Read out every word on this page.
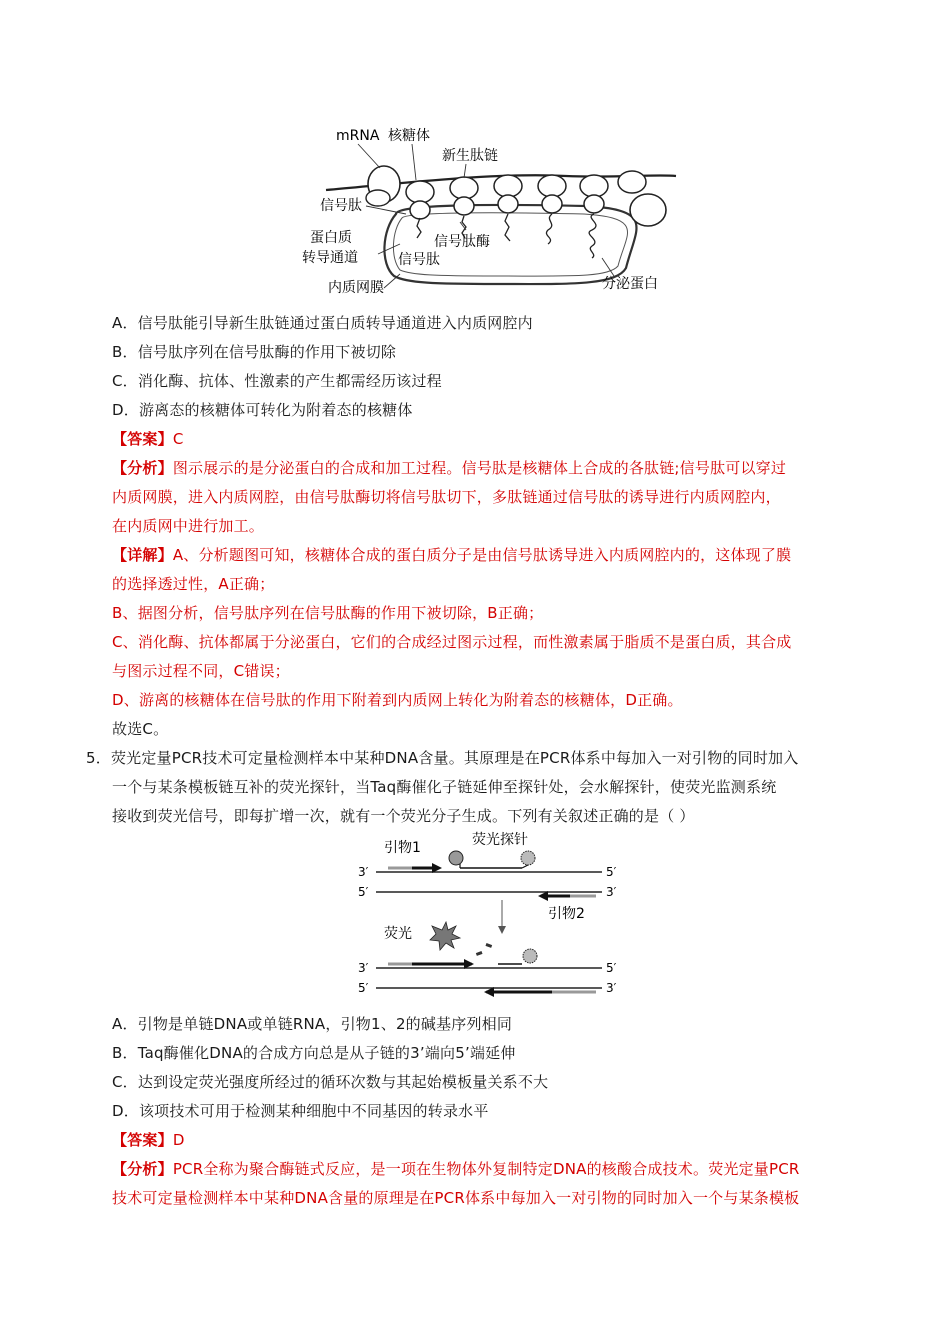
mRNA 核糖体
新生肽链
信号肽
蛋白质
转导通道
信号肽酶
信号肽
内质网膜	分泌蛋白
A．信号肽能引导新生肽链通过蛋白质转导通道进入内质网腔内
B．信号肽序列在信号肽酶的作用下被切除
C．消化酶、抗体、性激素的产生都需经历该过程
D．游离态的核糖体可转化为附着态的核糖体
【答案】C
【分析】图示展示的是分泌蛋白的合成和加工过程。信号肽是核糖体上合成的各肽链;信号肽可以穿过
内质网膜，进入内质网腔，由信号肽酶切将信号肽切下，多肽链通过信号肽的诱导进行内质网腔内，
在内质网中进行加工。
【详解】A、分析题图可知，核糖体合成的蛋白质分子是由信号肽诱导进入内质网腔内的，这体现了膜
的选择透过性，A正确；
B、据图分析，信号肽序列在信号肽酶的作用下被切除，B正确；
C、消化酶、抗体都属于分泌蛋白，它们的合成经过图示过程，而性激素属于脂质不是蛋白质，其合成
与图示过程不同，C错误；
D、游离的核糖体在信号肽的作用下附着到内质网上转化为附着态的核糖体，D正确。
故选C。
5．荧光定量PCR技术可定量检测样本中某种DNA含量。其原理是在PCR体系中每加入一对引物的同时加入
一个与某条模板链互补的荧光探针，当Taq酶催化子链延伸至探针处，会水解探针，使荧光监测系统
接收到荧光信号，即每扩增一次，就有一个荧光分子生成。下列有关叙述正确的是（ ）
引物1	荧光探针
引物2
荧光
3′
5′
5′
3′
3′
5′
5′
3′
A．引物是单链DNA或单链RNA，引物1、2的碱基序列相同
B．Taq酶催化DNA的合成方向总是从子链的3’端向5’端延伸
C．达到设定荧光强度所经过的循环次数与其起始模板量关系不大
D．该项技术可用于检测某种细胞中不同基因的转录水平
【答案】D
【分析】PCR全称为聚合酶链式反应，是一项在生物体外复制特定DNA的核酸合成技术。荧光定量PCR
技术可定量检测样本中某种DNA含量的原理是在PCR体系中每加入一对引物的同时加入一个与某条模板
